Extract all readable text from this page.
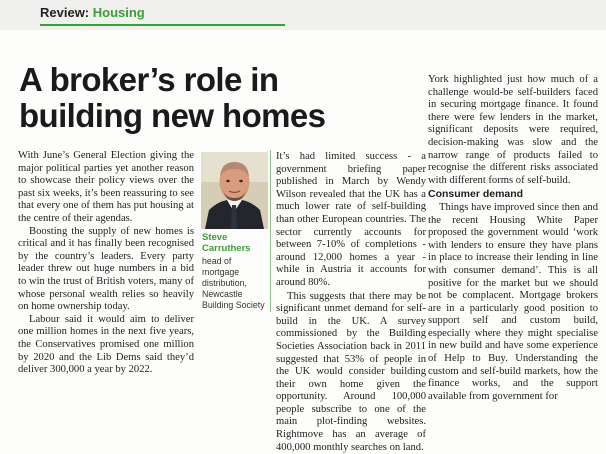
Review: Housing
A broker’s role in building new homes

With June’s General Election giving the major political parties yet another reason to showcase their policy views over the past six weeks, it’s been reassuring to see that every one of them has put housing at the centre of their agendas.

Boosting the supply of new homes is critical and it has finally been recognised by the country’s leaders. Every party leader threw out huge numbers in a bid to win the trust of British voters, many of whose personal wealth relies so heavily on home ownership today.

Labour said it would aim to deliver one million homes in the next five years, the Conservatives promised one million by 2020 and the Lib Dems said they’d deliver 300,000 a year by 2022.

Steve Carruthers
head of mortgage distribution, Newcastle Building Society

It’s had limited success - a government briefing paper published in March by Wendy Wilson revealed that the UK has a much lower rate of self-building than other European countries. The sector currently accounts for between 7-10% of completions - around 12,000 homes a year - while in Austria it accounts for around 80%.

This suggests that there may be significant unmet demand for self-build in the UK. A survey commissioned by the Building Societies Association back in 2011 suggested that 53% of people in the UK would consider building their own home given the opportunity. Around 100,000 people subscribe to one of the main plot-finding websites. Rightmove has an average of 400,000 monthly searches on land.

York highlighted just how much of a challenge would-be self-builders faced in securing mortgage finance. It found there were few lenders in the market, significant deposits were required, decision-making was slow and the narrow range of products failed to recognise the different risks associated with different forms of self-build.

Consumer demand

Things have improved since then and the recent Housing White Paper proposed the government would ‘work with lenders to ensure they have plans in place to increase their lending in line with consumer demand’. This is all positive for the market but we should not be complacent. Mortgage brokers are in a particularly good position to support self and custom build, especially where they might specialise in new build and have some experience of Help to Buy. Understanding the custom and self-build markets, how the finance works, and the support available from government for
